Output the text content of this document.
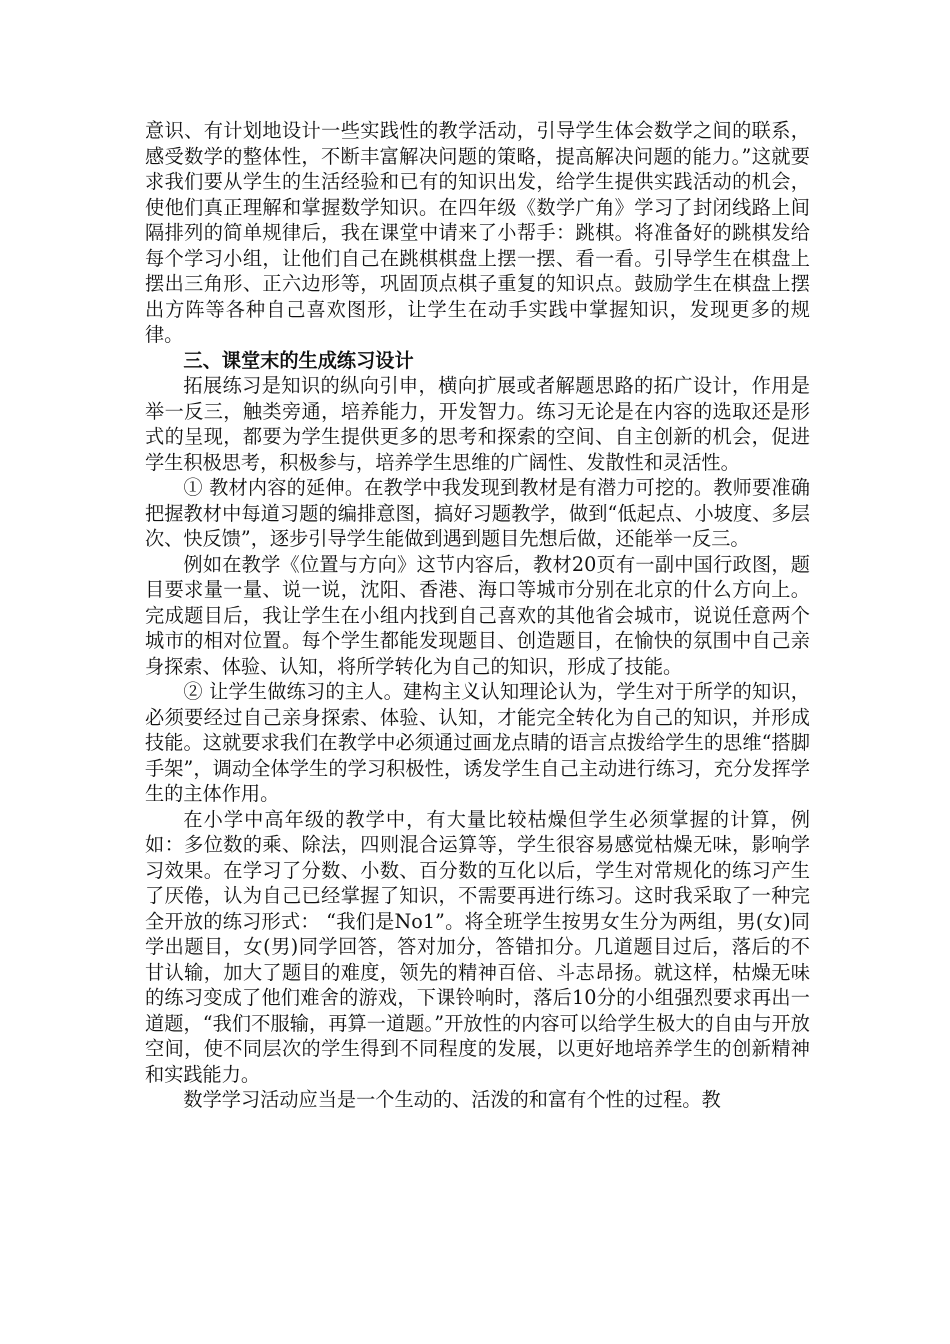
意识、有计划地设计一些实践性的教学活动，引导学生体会数学之间的联系，感受数学的整体性，不断丰富解决问题的策略，提高解决问题的能力。”这就要求我们要从学生的生活经验和已有的知识出发，给学生提供实践活动的机会，使他们真正理解和掌握数学知识。在四年级《数学广角》学习了封闭线路上间隔排列的简单规律后，我在课堂中请来了小帮手：跳棋。将准备好的跳棋发给每个学习小组，让他们自己在跳棋棋盘上摆一摆、看一看。引导学生在棋盘上摆出三角形、正六边形等，巩固顶点棋子重复的知识点。鼓励学生在棋盘上摆出方阵等各种自己喜欢图形，让学生在动手实践中掌握知识，发现更多的规律。

三、课堂末的生成练习设计

拓展练习是知识的纵向引申，横向扩展或者解题思路的拓广设计，作用是举一反三，触类旁通，培养能力，开发智力。练习无论是在内容的选取还是形式的呈现，都要为学生提供更多的思考和探索的空间、自主创新的机会，促进学生积极思考，积极参与，培养学生思维的广阔性、发散性和灵活性。

① 教材内容的延伸。在教学中我发现到教材是有潜力可挖的。教师要准确把握教材中每道习题的编排意图，搞好习题教学，做到“低起点、小坡度、多层次、快反馈”，逐步引导学生能做到遇到题目先想后做，还能举一反三。

例如在教学《位置与方向》这节内容后，教材20页有一副中国行政图，题目要求量一量、说一说，沈阳、香港、海口等城市分别在北京的什么方向上。完成题目后，我让学生在小组内找到自己喜欢的其他省会城市，说说任意两个城市的相对位置。每个学生都能发现题目、创造题目，在愉快的氛围中自己亲身探索、体验、认知，将所学转化为自己的知识，形成了技能。

② 让学生做练习的主人。建构主义认知理论认为，学生对于所学的知识，必须要经过自己亲身探索、体验、认知，才能完全转化为自己的知识，并形成技能。这就要求我们在教学中必须通过画龙点睛的语言点拨给学生的思维“搭脚手架”，调动全体学生的学习积极性，诱发学生自己主动进行练习，充分发挥学生的主体作用。

在小学中高年级的教学中，有大量比较枯燥但学生必须掌握的计算，例如：多位数的乘、除法，四则混合运算等，学生很容易感觉枯燥无味，影响学习效果。在学习了分数、小数、百分数的互化以后，学生对常规化的练习产生了厌倦，认为自己已经掌握了知识，不需要再进行练习。这时我采取了一种完全开放的练习形式： “我们是No1”。将全班学生按男女生分为两组，男(女)同学出题目，女(男)同学回答，答对加分，答错扣分。几道题目过后，落后的不甘认输，加大了题目的难度，领先的精神百倍、斗志昂扬。就这样，枯燥无味的练习变成了他们难舍的游戏，下课铃响时，落后10分的小组强烈要求再出一道题，“我们不服输，再算一道题。”开放性的内容可以给学生极大的自由与开放空间，使不同层次的学生得到不同程度的发展，以更好地培养学生的创新精神和实践能力。

数学学习活动应当是一个生动的、活泼的和富有个性的过程。教
